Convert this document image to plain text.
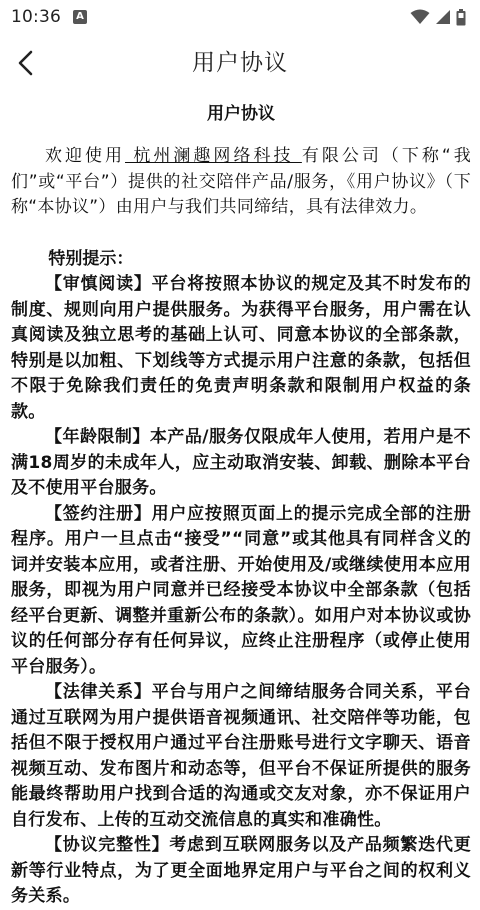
10:36	A
用户协议
用户协议

欢迎使用 杭州澜趣网络科技 有限公司（下称“我们”或“平台”）提供的社交陪伴产品/服务，《用户协议》（下称“本协议”）由用户与我们共同缔结，具有法律效力。

特别提示：

【审慎阅读】平台将按照本协议的规定及其不时发布的制度、规则向用户提供服务。为获得平台服务，用户需在认真阅读及独立思考的基础上认可、同意本协议的全部条款，特别是以加粗、下划线等方式提示用户注意的条款，包括但不限于免除我们责任的免责声明条款和限制用户权益的条款。

【年龄限制】本产品/服务仅限成年人使用，若用户是不满18周岁的未成年人，应主动取消安装、卸载、删除本平台及不使用平台服务。

【签约注册】用户应按照页面上的提示完成全部的注册程序。用户一旦点击“接受”“同意”或其他具有同样含义的词并安装本应用，或者注册、开始使用及/或继续使用本应用服务，即视为用户同意并已经接受本协议中全部条款（包括经平台更新、调整并重新公布的条款）。如用户对本协议或协议的任何部分存有任何异议，应终止注册程序（或停止使用平台服务）。

【法律关系】平台与用户之间缔结服务合同关系，平台通过互联网为用户提供语音视频通讯、社交陪伴等功能，包括但不限于授权用户通过平台注册账号进行文字聊天、语音视频互动、发布图片和动态等，但平台不保证所提供的服务能最终帮助用户找到合适的沟通或交友对象，亦不保证用户自行发布、上传的互动交流信息的真实和准确性。

【协议完整性】考虑到互联网服务以及产品频繁迭代更新等行业特点，为了更全面地界定用户与平台之间的权利义务关系。
